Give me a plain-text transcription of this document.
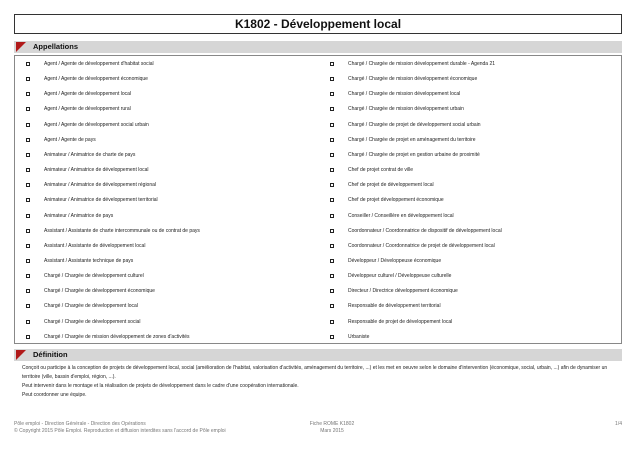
K1802 - Développement local
Appellations
Agent / Agente de développement d'habitat social
Agent / Agente de développement économique
Agent / Agente de développement local
Agent / Agente de développement rural
Agent / Agente de développement social urbain
Agent / Agente de pays
Animateur / Animatrice de charte de pays
Animateur / Animatrice de développement local
Animateur / Animatrice de développement régional
Animateur / Animatrice de développement territorial
Animateur / Animatrice de pays
Assistant / Assistante de charte intercommunale ou de contrat de pays
Assistant / Assistante de développement local
Assistant / Assistante technique de pays
Chargé / Chargée de développement culturel
Chargé / Chargée de développement économique
Chargé / Chargée de développement local
Chargé / Chargée de développement social
Chargé / Chargée de mission développement de zones d'activités
Chargé / Chargée de mission développement durable - Agenda 21
Chargé / Chargée de mission développement économique
Chargé / Chargée de mission développement local
Chargé / Chargée de mission développement urbain
Chargé / Chargée de projet de développement social urbain
Chargé / Chargée de projet en aménagement du territoire
Chargé / Chargée de projet en gestion urbaine de proximité
Chef de projet contrat de ville
Chef de projet de développement local
Chef de projet développement économique
Conseiller / Conseillère en développement local
Coordonnateur / Coordonnatrice de dispositif de développement local
Coordonnateur / Coordonnatrice de projet de développement local
Développeur / Développeuse économique
Développeur culturel / Développeuse culturelle
Directeur / Directrice développement économique
Responsable de développement territorial
Responsable de projet de développement local
Urbaniste
Définition

Conçoit ou participe à la conception de projets de développement local, social (amélioration de l'habitat, valorisation d'activités, aménagement du territoire, ...) et les met en oeuvre selon le domaine d'intervention (économique, social, urbain, ...) afin de dynamiser un territoire (ville, bassin d'emploi, région, ...).

Peut intervenir dans le montage et la réalisation de projets de développement dans le cadre d'une coopération internationale.

Peut coordonner une équipe.

Pôle emploi - Direction Générale - Direction des Opérations
© Copyright 2015 Pôle Emploi. Reproduction et diffusion interdites sans l'accord de Pôle emploi
Fiche ROME K1802
Mars 2015
1/4
